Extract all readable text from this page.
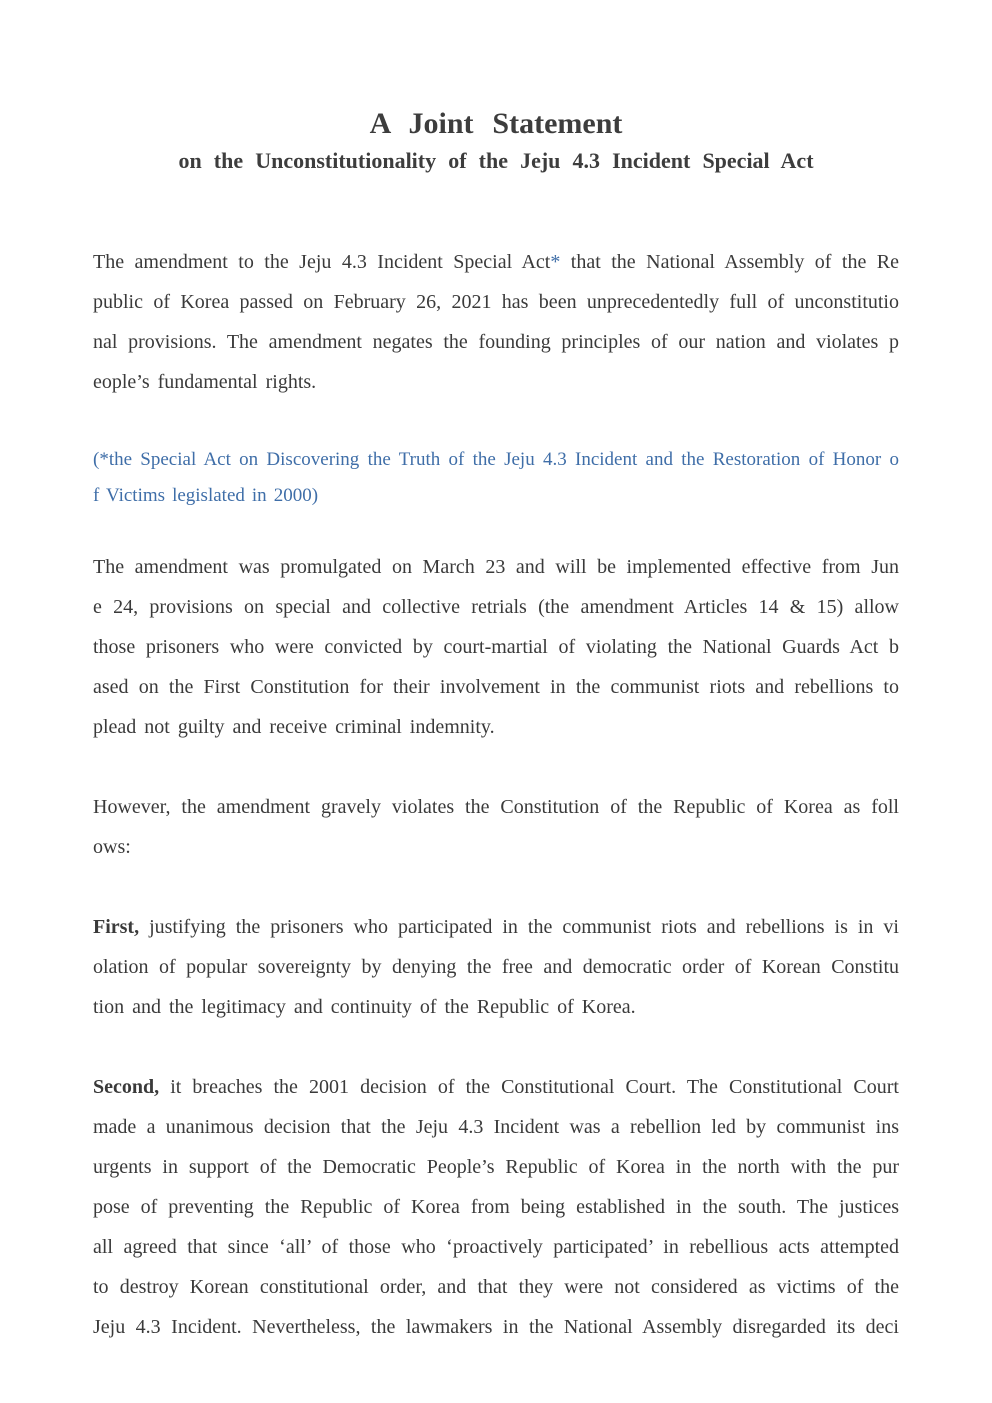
A Joint Statement
on the Unconstitutionality of the Jeju 4.3 Incident Special Act
The amendment to the Jeju 4.3 Incident Special Act* that the National Assembly of the Re
public of Korea passed on February 26, 2021 has been unprecedentedly full of unconstitutio
nal provisions. The amendment negates the founding principles of our nation and violates p
eople’s fundamental rights.
(*the Special Act on Discovering the Truth of the Jeju 4.3 Incident and the Restoration of Honor o
f Victims legislated in 2000)
The amendment was promulgated on March 23 and will be implemented effective from Jun
e 24, provisions on special and collective retrials (the amendment Articles 14 & 15) allow
those prisoners who were convicted by court-martial of violating the National Guards Act b
ased on the First Constitution for their involvement in the communist riots and rebellions to
plead not guilty and receive criminal indemnity.
However, the amendment gravely violates the Constitution of the Republic of Korea as foll
ows:
First, justifying the prisoners who participated in the communist riots and rebellions is in vi
olation of popular sovereignty by denying the free and democratic order of Korean Constitu
tion and the legitimacy and continuity of the Republic of Korea.
Second, it breaches the 2001 decision of the Constitutional Court. The Constitutional Court
made a unanimous decision that the Jeju 4.3 Incident was a rebellion led by communist ins
urgents in support of the Democratic People’s Republic of Korea in the north with the pur
pose of preventing the Republic of Korea from being established in the south. The justices
all agreed that since ‘all’ of those who ‘proactively participated’ in rebellious acts attempted
to destroy Korean constitutional order, and that they were not considered as victims of the
Jeju 4.3 Incident. Nevertheless, the lawmakers in the National Assembly disregarded its deci
